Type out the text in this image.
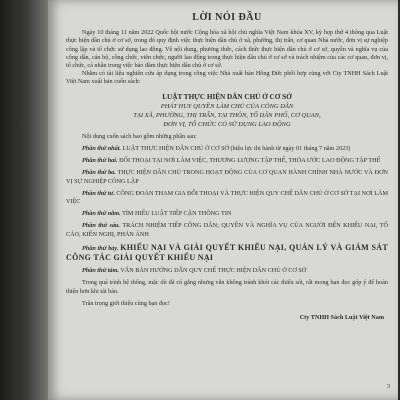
LỜI NÓI ĐẦU

Ngày 10 tháng 11 năm 2022 Quốc hội nước Cộng hòa xã hội chủ nghĩa Việt Nam khóa XV, kỳ họp thứ 4 thông qua Luật thực hiện dân chủ ở cơ sở, trong đó quy định việc thực hiện dân chủ ở xã, phường, thị trấn, cơ quan Nhà nước, đơn vị sự nghiệp công lập và tổ chức sử dụng lao động. Về nội dung, phương thức, cách thức thực hiện dân chủ ở cơ sở, quyền và nghĩa vụ của công dân, cán bộ, công chức, viên chức, người lao động trong thực hiện dân chủ ở cơ sở và trách nhiệm của các cơ quan, đơn vị, tổ chức, cá nhân trong việc bảo đảm thực hiện dân chủ ở cơ sở.

Nhằm có tài liệu nghiên cứu áp dụng trong công việc Nhà xuất bản Hồng Đức phối hợp cùng với Cty TNHH Sách Luật Việt Nam xuất bản cuốn sách:

LUẬT THỰC HIỆN DÂN CHỦ Ở CƠ SỞ

PHÁT HUY QUYỀN LÀM CHỦ CỦA CÔNG DÂN

TẠI XÃ, PHƯỜNG, THỊ TRẤN, TẠI THÔN, TỔ DÂN PHỐ, CƠ QUAN,

ĐƠN VỊ, TỔ CHỨC CÓ SỬ DỤNG LAO ĐỘNG

Nội dung cuốn sách bao gồm những phần sau:

Phần thứ nhất. LUẬT THỰC HIỆN DÂN CHỦ Ở CƠ SỞ (hiệu lực thi hành từ ngày 01 tháng 7 năm 2023)

Phần thứ hai. ĐỐI THOẠI TẠI NƠI LÀM VIỆC, THƯƠNG LƯỢNG TẬP THỂ, THỎA ƯỚC LAO ĐỘNG TẬP THỂ

Phần thứ ba. THỰC HIỆN DÂN CHỦ TRONG HOẠT ĐỘNG CỦA CƠ QUAN HÀNH CHÍNH NHÀ NƯỚC VÀ ĐƠN VỊ SỰ NGHIỆP CÔNG LẬP

Phần thứ tư. CÔNG ĐOÀN THAM GIA ĐỐI THOẠI VÀ THỰC HIỆN QUY CHẾ DÂN CHỦ Ở CƠ SỞ TẠI NƠI LÀM VIỆC

Phần thứ năm. TÌM HIỂU LUẬT TIẾP CẬN THÔNG TIN

Phần thứ sáu. TRÁCH NHIỆM TIẾP CÔNG DÂN; QUYỀN VÀ NGHĨA VỤ CỦA NGƯỜI ĐẾN KHIẾU NẠI, TỐ CÁO, KIẾN NGHỊ, PHẢN ÁNH

Phần thứ bảy. KHIẾU NẠI VÀ GIẢI QUYẾT KHIẾU NẠI, QUẢN LÝ VÀ GIÁM SÁT CÔNG TÁC GIẢI QUYẾT KHIẾU NẠI

Phần thứ tám. VĂN BẢN HƯỚNG DẪN QUY CHẾ THỰC HIỆN DÂN CHỦ Ở CƠ SỞ

Trong quá trình hệ thống, mặc dù đã có gắng nhưng vẫn không tránh khỏi các thiếu sót, rất mong bạn đọc góp ý để hoàn thiện hơn khi tái bản.

Trân trọng giới thiệu cùng bạn đọc!

Cty TNHH Sách Luật Việt Nam
3
